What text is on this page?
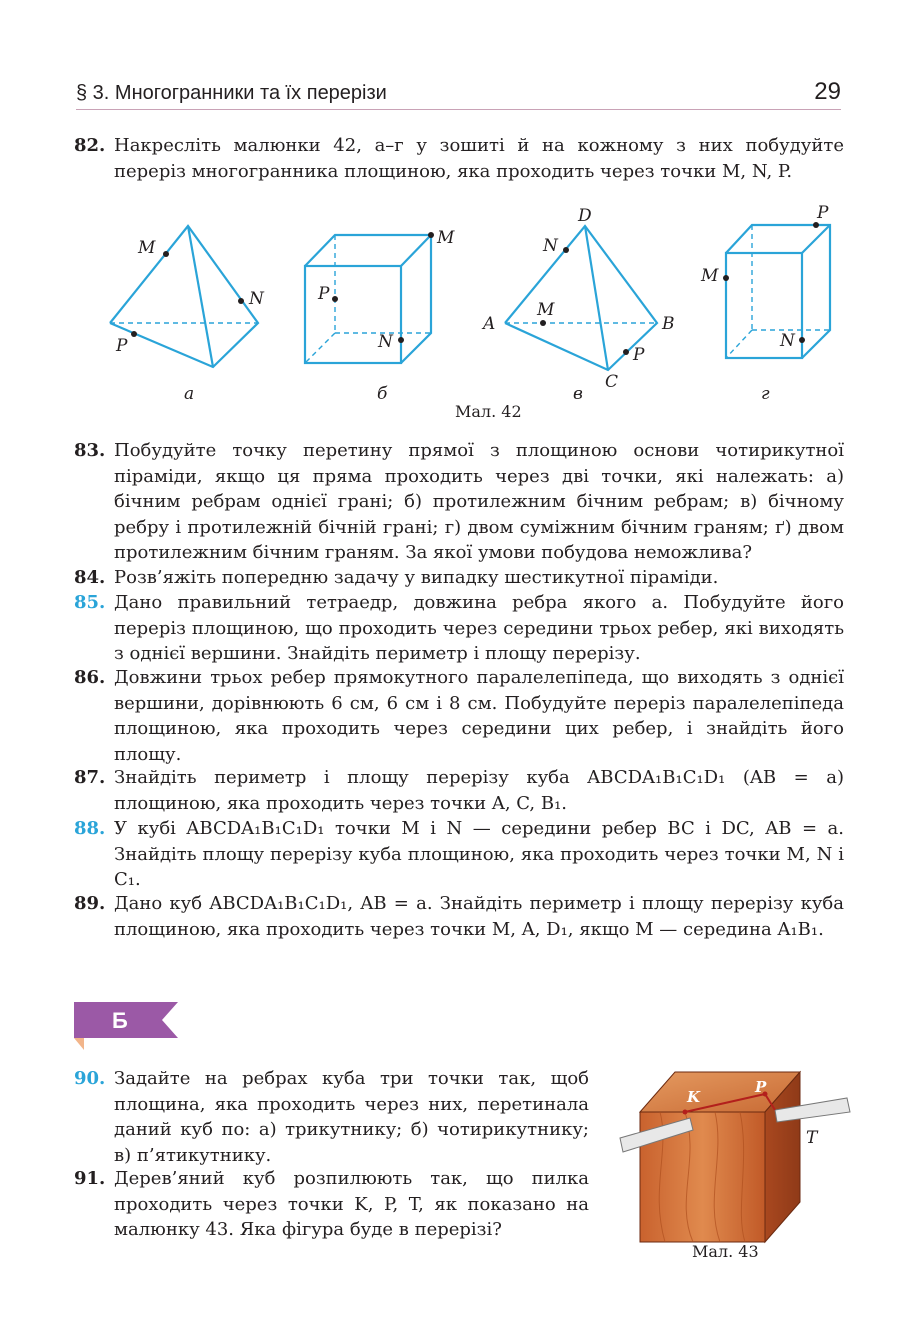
§ 3. Многогранники та їх перерізи	29
82. Накресліть малюнки 42, а–г у зошиті й на кожному з них побудуйте переріз многогранника площиною, яка проходить через точки M, N, P.
M
N
P
M
P
N
D
N
M
A	B
P
C
M
P
N
а	б	в	г
Мал. 42
83. Побудуйте точку перетину прямої з площиною основи чотирикутної піраміди, якщо ця пряма проходить через дві точки, які належать: а) бічним ребрам однієї грані; б) протилежним бічним ребрам; в) бічному ребру і протилежній бічній грані; г) двом суміжним бічним граням; ґ) двом протилежним бічним граням. За якої умови побудова неможлива?
84. Розв’яжіть попередню задачу у випадку шестикутної піраміди.
85. Дано правильний тетраедр, довжина ребра якого a. Побудуйте його переріз площиною, що проходить через середини трьох ребер, які виходять з однієї вершини. Знайдіть периметр і площу перерізу.
86. Довжини трьох ребер прямокутного паралелепіпеда, що виходять з однієї вершини, дорівнюють 6 см, 6 см і 8 см. Побудуйте переріз паралелепіпеда площиною, яка проходить через середини цих ребер, і знайдіть його площу.
87. Знайдіть периметр і площу перерізу куба ABCDA₁B₁C₁D₁ (AB = a) площиною, яка проходить через точки A, C, B₁.
88. У кубі ABCDA₁B₁C₁D₁ точки M і N — середини ребер BC і DC, AB = a. Знайдіть площу перерізу куба площиною, яка проходить через точки M, N і C₁.
89. Дано куб ABCDA₁B₁C₁D₁, AB = a. Знайдіть периметр і площу перерізу куба площиною, яка проходить через точки M, A, D₁, якщо M — середина A₁B₁.
Б
90. Задайте на ребрах куба три точки так, щоб площина, яка проходить через них, перетинала даний куб по: а) трикутнику; б) чотирикутнику; в) п’ятикутнику.
91. Дерев’яний куб розпилюють так, що пилка проходить через точки K, P, T, як показано на малюнку 43. Яка фігура буде в перерізі?
K
P
T
Мал. 43
